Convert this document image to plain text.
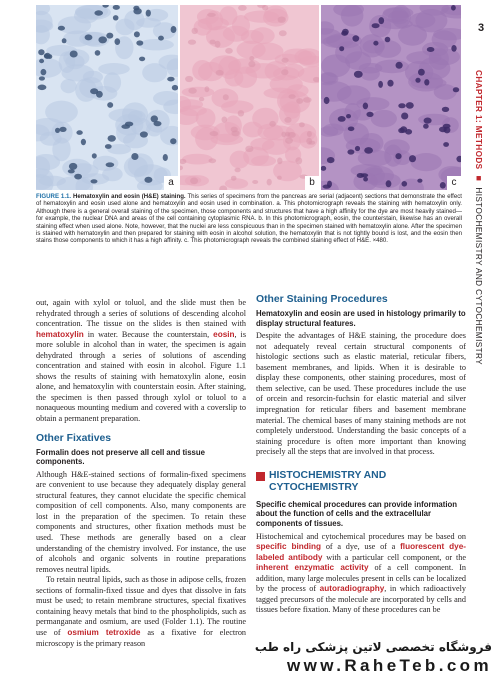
a	b	c

FIGURE 1.1. Hematoxylin and eosin (H&E) staining. This series of specimens from the pancreas are serial (adjacent) sections that demonstrate the effect of hematoxylin and eosin used alone and hematoxylin and eosin used in combination. a. This photomicrograph reveals the staining with hematoxylin only. Although there is a general overall staining of the specimen, those components and structures that have a high affinity for the dye are most heavily stained—for example, the nuclear DNA and areas of the cell containing cytoplasmic RNA. b. In this photomicrograph, eosin, the counterstain, likewise has an overall staining effect when used alone. Note, however, that the nuclei are less conspicuous than in the specimen stained with hematoxylin alone. After the specimen is stained with hematoxylin and then prepared for staining with eosin in alcohol solution, the hematoxylin that is not tightly bound is lost, and the eosin then stains those components to which it has a high affinity. c. This photomicrograph reveals the combined staining effect of H&E. ×480.

3
CHAPTER 1: METHODS■HISTOCHEMISTRY AND CYTOCHEMISTRY

out, again with xylol or toluol, and the slide must then be rehydrated through a series of solutions of descending alcohol concentration. The tissue on the slides is then stained with hematoxylin in water. Because the counterstain, eosin, is more soluble in alcohol than in water, the specimen is again dehydrated through a series of solutions of ascending concentration and stained with eosin in alcohol. Figure 1.1 shows the results of staining with hematoxylin alone, eosin alone, and hematoxylin with counterstain eosin. After staining, the specimen is then passed through xylol or toluol to a nonaqueous mounting medium and covered with a coverslip to obtain a permanent preparation.

Other Fixatives
Formalin does not preserve all cell and tissue components.

Although H&E-stained sections of formalin-fixed specimens are convenient to use because they adequately display general structural features, they cannot elucidate the specific chemical composition of cell components. Also, many components are lost in the preparation of the specimen. To retain these components and structures, other fixation methods must be used. These methods are generally based on a clear understanding of the chemistry involved. For instance, the use of alcohols and organic solvents in routine preparations removes neutral lipids.

To retain neutral lipids, such as those in adipose cells, frozen sections of formalin-fixed tissue and dyes that dissolve in fats must be used; to retain membrane structures, special fixatives containing heavy metals that bind to the phospholipids, such as permanganate and osmium, are used (Folder 1.1). The routine use of osmium tetroxide as a fixative for electron microscopy is the primary reason

Other Staining Procedures
Hematoxylin and eosin are used in histology primarily to display structural features.

Despite the advantages of H&E staining, the procedure does not adequately reveal certain structural components of histologic sections such as elastic material, reticular fibers, basement membranes, and lipids. When it is desirable to display these components, other staining procedures, most of them selective, can be used. These procedures include the use of orcein and resorcin-fuchsin for elastic material and silver impregnation for reticular fibers and basement membrane material. The chemical bases of many staining methods are not completely understood. Understanding the basic concepts of a staining procedure is often more important than knowing precisely all the steps that are involved in that process.

HISTOCHEMISTRY AND
CYTOCHEMISTRY
Specific chemical procedures can provide information about the function of cells and the extracellular components of tissues.

Histochemical and cytochemical procedures may be based on specific binding of a dye, use of a fluorescent dye-labeled antibody with a particular cell component, or the inherent enzymatic activity of a cell component. In addition, many large molecules present in cells can be localized by the process of autoradiography, in which radioactively tagged precursors of the molecule are incorporated by cells and tissues before fixation. Many of these procedures can be

فروشگاه تخصصی لاتین پزشکی راه طب
www.RaheTeb.com
